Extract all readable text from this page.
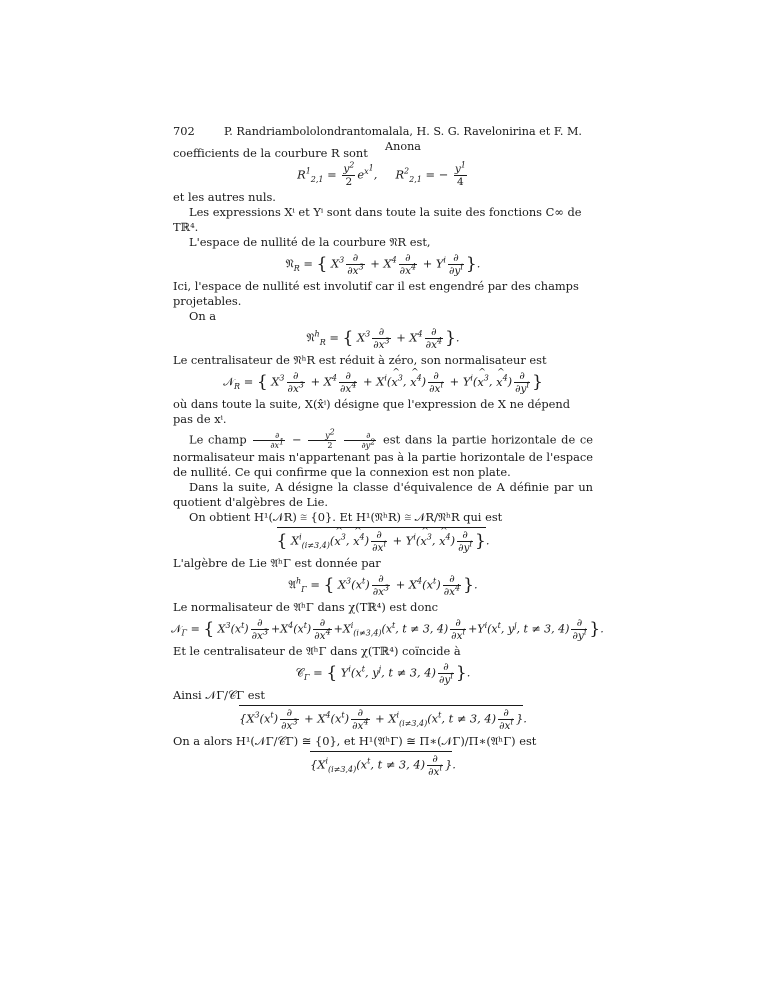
702	P. Randriambololondrantomalala, H. S. G. Ravelonirina et F. M. Anona

coefficients de la courbure R sont

$R^1_{2,1} = \frac{y^2}{2} e^{x^1}$,     $R^2_{2,1}$ = − $\frac{y^1}{4}$

et les autres nuls.

Les expressions Xⁱ et Yⁱ sont dans toute la suite des fonctions C∞ de Tℝ⁴.

L'espace de nullité de la courbure 𝔑R est,

𝔑$_R$ = { $X^3 \frac{\partial}{\partial x^3} + X^4 \frac{\partial}{\partial x^4} + Y^i \frac{\partial}{\partial y^i}$ }.

Ici, l'espace de nullité est involutif car il est engendré par des champs projetables.

On a

𝔑$^h_R$ = { $X^3 \frac{\partial}{\partial x^3} + X^4 \frac{\partial}{\partial x^4}$ }.

Le centralisateur de 𝔑ʰR est réduit à zéro, son normalisateur est

𝒩$_R$ = { $X^3 \frac{\partial}{\partial x^3} + X^4 \frac{\partial}{\partial x^4}$ + $X^i(\^{}$ $x^3$, ^ $x^4) \frac{\partial}{\partial x^i}$ + $Y^i(\^{}$ $x^3$, ^ $x^4) \frac{\partial}{\partial y^i}$ }

où dans toute la suite, X(x̂ⁱ) désigne que l'expression de X ne dépend pas de xⁱ.

Le champ $\frac{\partial}{\partial x^1} - \frac{y^2}{2}$
$\frac{\partial}{\partial y^2}$ est dans la partie horizontale de ce normalisateur mais n'appartenant pas à la partie horizontale de l'espace de nullité. Ce qui confirme que la connexion est non plate.

Dans la suite, A désigne la classe d'équivalence de A définie par un quotient d'algèbres de Lie.

On obtient H¹(𝒩R) ≅ {0}. Et H¹(𝔑ʰR) ≅ 𝒩R/𝔑ʰR qui est

{ $X^i_{(i\ne 3,4)}(\^{}$ $x^3$, ^ $x^4) \frac{\partial}{\partial x^i}$ + $Y^i(\^{}$ $x^3$, ^ $x^4) \frac{\partial}{\partial y^i}$ }.

L'algèbre de Lie 𝔄ʰΓ est donnée par

𝔄$^h_\Gamma$ = { $X^3(x^t) \frac{\partial}{\partial x^3} + X^4(x^t) \frac{\partial}{\partial x^4}$ }.

Le normalisateur de 𝔄ʰΓ dans χ(Tℝ⁴) est donc

𝒩$_\Gamma$ = { $X^3(x^t) \frac{\partial}{\partial x^3} +X^4(x^t) \frac{\partial}{\partial x^4} +X^i_{(i\ne 3,4)}(x^t$, t ≠ 3, $4) \frac{\partial}{\partial x^i} +Y^i(x^t$, $y^j$, t ≠ 3, $4) \frac{\partial}{\partial y^i}$ }.

Et le centralisateur de 𝔄ʰΓ dans χ(Tℝ⁴) coïncide à

𝒞$_\Gamma$ = { $Y^i(x^t$, $y^j$, t ≠ 3, $4) \frac{\partial}{\partial y^i}$ }.

Ainsi 𝒩Γ/𝒞Γ est

{$X^3(x^t) \frac{\partial}{\partial x^3} + X^4(x^t) \frac{\partial}{\partial x^4} + X^i_{(i\ne 3,4)}(x^t$, t ≠ 3, $4) \frac{\partial}{\partial x^i}$ }.

On a alors H¹(𝒩Γ/𝒞Γ) ≅ {0}, et H¹(𝔄ʰΓ) ≅ Π∗(𝒩Γ)/Π∗(𝔄ʰΓ) est

{$X^i_{(i\ne 3,4)}(x^t$, t ≠ 3, $4) \frac{\partial}{\partial x^i}$ }.
